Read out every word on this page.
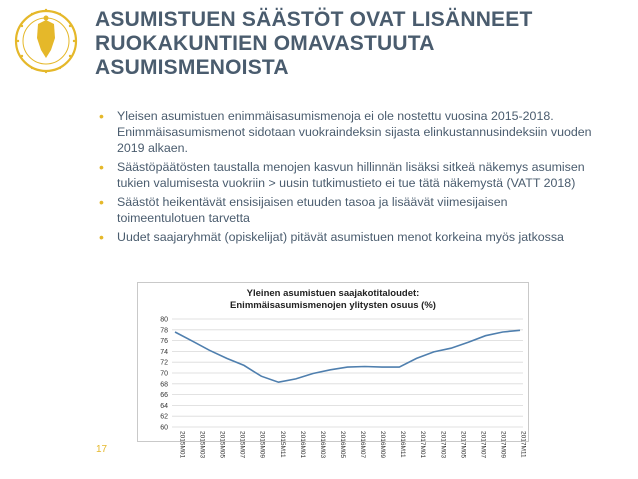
ASUMISTUEN SÄÄSTÖT OVAT LISÄNNEET
RUOKAKUNTIEN OMAVASTUUTA
ASUMISMENOISTA
• Yleisen asumistuen enimmäisasumismenoja ei ole nostettu vuosina 2015-2018. Enimmäisasumismenot sidotaan vuokraindeksin sijasta elinkustannusindeksiin vuoden 2019 alkaen.
• Säästöpäätösten taustalla menojen kasvun hillinnän lisäksi sitkeä näkemys asumisen tukien valumisesta vuokriin > uusin tutkimustieto ei tue tätä näkemystä (VATT 2018)
• Säästöt heikentävät ensisijaisen etuuden tasoa ja lisäävät viimesijaisen toimeentulotuen tarvetta
• Uudet saajaryhmät (opiskelijat) pitävät asumistuen menot korkeina myös jatkossa
Yleinen asumistuen saajakotitaloudet:
Enimmäisasumismenojen ylitysten osuus (%)
60
62
64
66
68
70
72
74
76
78
80
2015M01 2015M03 2015M05 2015M07 2015M09 2015M11 2016M01 2016M03 2016M05 2016M07 2016M09 2016M11 2017M01 2017M03 2017M05 2017M07 2017M09 2017M11
17
